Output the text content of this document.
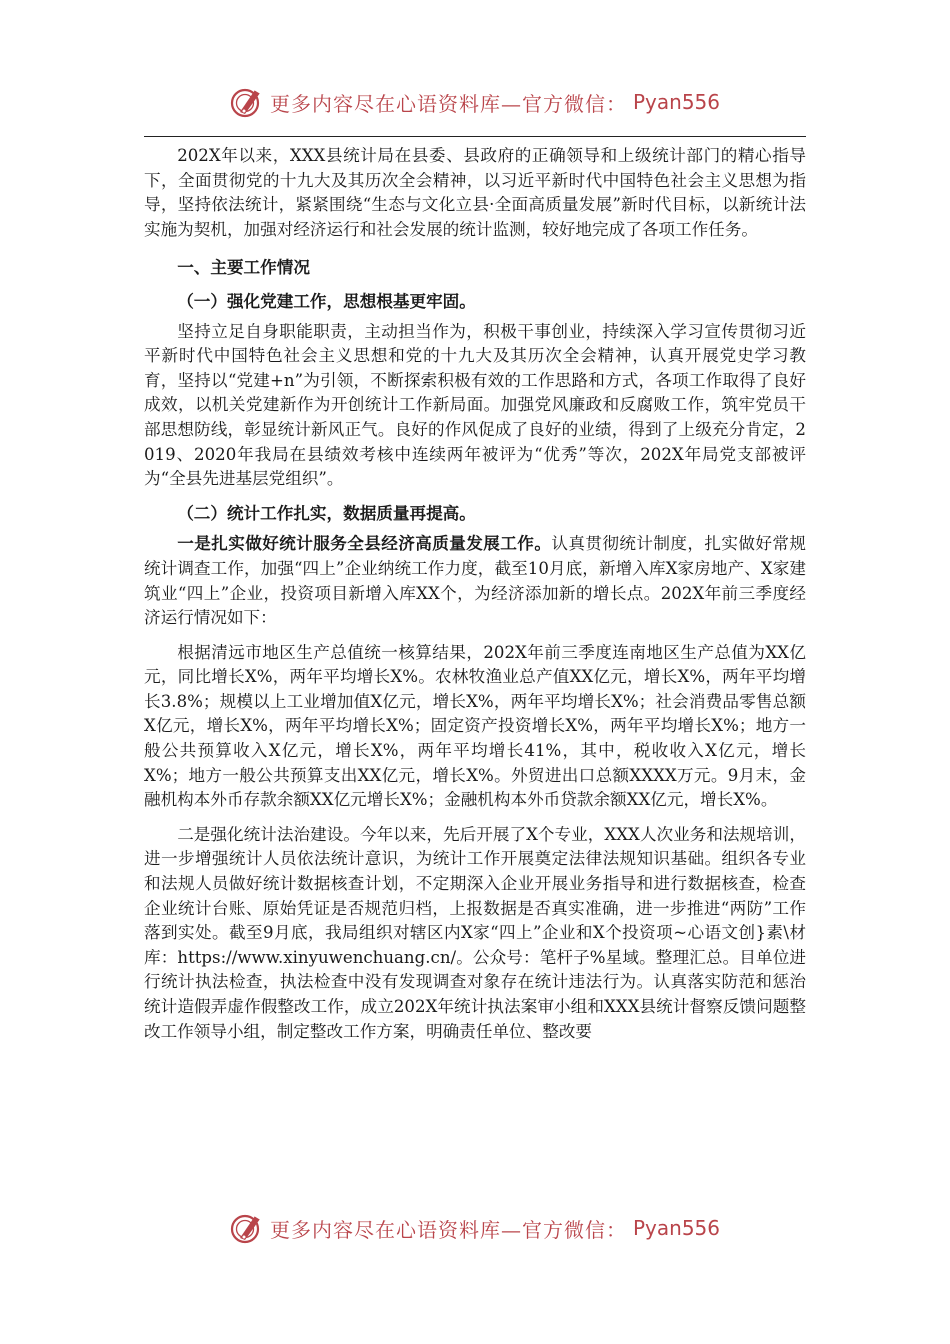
更多内容尽在心语资料库—官方微信： Pyan556

202X年以来，XXX县统计局在县委、县政府的正确领导和上级统计部门的精心指导下，全面贯彻党的十九大及其历次全会精神，以习近平新时代中国特色社会主义思想为指导，坚持依法统计，紧紧围绕“生态与文化立县·全面高质量发展”新时代目标，以新统计法实施为契机，加强对经济运行和社会发展的统计监测，较好地完成了各项工作任务。

一、主要工作情况
（一）强化党建工作，思想根基更牢固。

坚持立足自身职能职责，主动担当作为，积极干事创业，持续深入学习宣传贯彻习近平新时代中国特色社会主义思想和党的十九大及其历次全会精神，认真开展党史学习教育，坚持以“党建+n”为引领，不断探索积极有效的工作思路和方式，各项工作取得了良好成效，以机关党建新作为开创统计工作新局面。加强党风廉政和反腐败工作，筑牢党员干部思想防线，彰显统计新风正气。良好的作风促成了良好的业绩，得到了上级充分肯定，2019、2020年我局在县绩效考核中连续两年被评为“优秀”等次，202X年局党支部被评为“全县先进基层党组织”。

（二）统计工作扎实，数据质量再提高。

一是扎实做好统计服务全县经济高质量发展工作。认真贯彻统计制度，扎实做好常规统计调查工作，加强“四上”企业纳统工作力度，截至10月底，新增入库X家房地产、X家建筑业“四上”企业，投资项目新增入库XX个，为经济添加新的增长点。202X年前三季度经济运行情况如下：

根据清远市地区生产总值统一核算结果，202X年前三季度连南地区生产总值为XX亿元，同比增长X%，两年平均增长X%。农林牧渔业总产值XX亿元，增长X%，两年平均增长3.8%；规模以上工业增加值X亿元，增长X%，两年平均增长X%；社会消费品零售总额X亿元，增长X%，两年平均增长X%；固定资产投资增长X%，两年平均增长X%；地方一般公共预算收入X亿元，增长X%，两年平均增长41%，其中，税收收入X亿元，增长X%；地方一般公共预算支出XX亿元，增长X%。外贸进出口总额XXXX万元。9月末，金融机构本外币存款余额XX亿元增长X%；金融机构本外币贷款余额XX亿元，增长X%。

二是强化统计法治建设。今年以来，先后开展了X个专业，XXX人次业务和法规培训，进一步增强统计人员依法统计意识，为统计工作开展奠定法律法规知识基础。组织各专业和法规人员做好统计数据核查计划，不定期深入企业开展业务指导和进行数据核查，检查企业统计台账、原始凭证是否规范归档，上报数据是否真实准确，进一步推进“两防”工作落到实处。截至9月底，我局组织对辖区内X家“四上”企业和X个投资项~心语文创}素\材库：https://www.xinyuwenchuang.cn/。公众号：笔杆子%星域。整理汇总。目单位进行统计执法检查，执法检查中没有发现调查对象存在统计违法行为。认真落实防范和惩治统计造假弄虚作假整改工作，成立202X年统计执法案审小组和XXX县统计督察反馈问题整改工作领导小组，制定整改工作方案，明确责任单位、整改要

更多内容尽在心语资料库—官方微信： Pyan556
